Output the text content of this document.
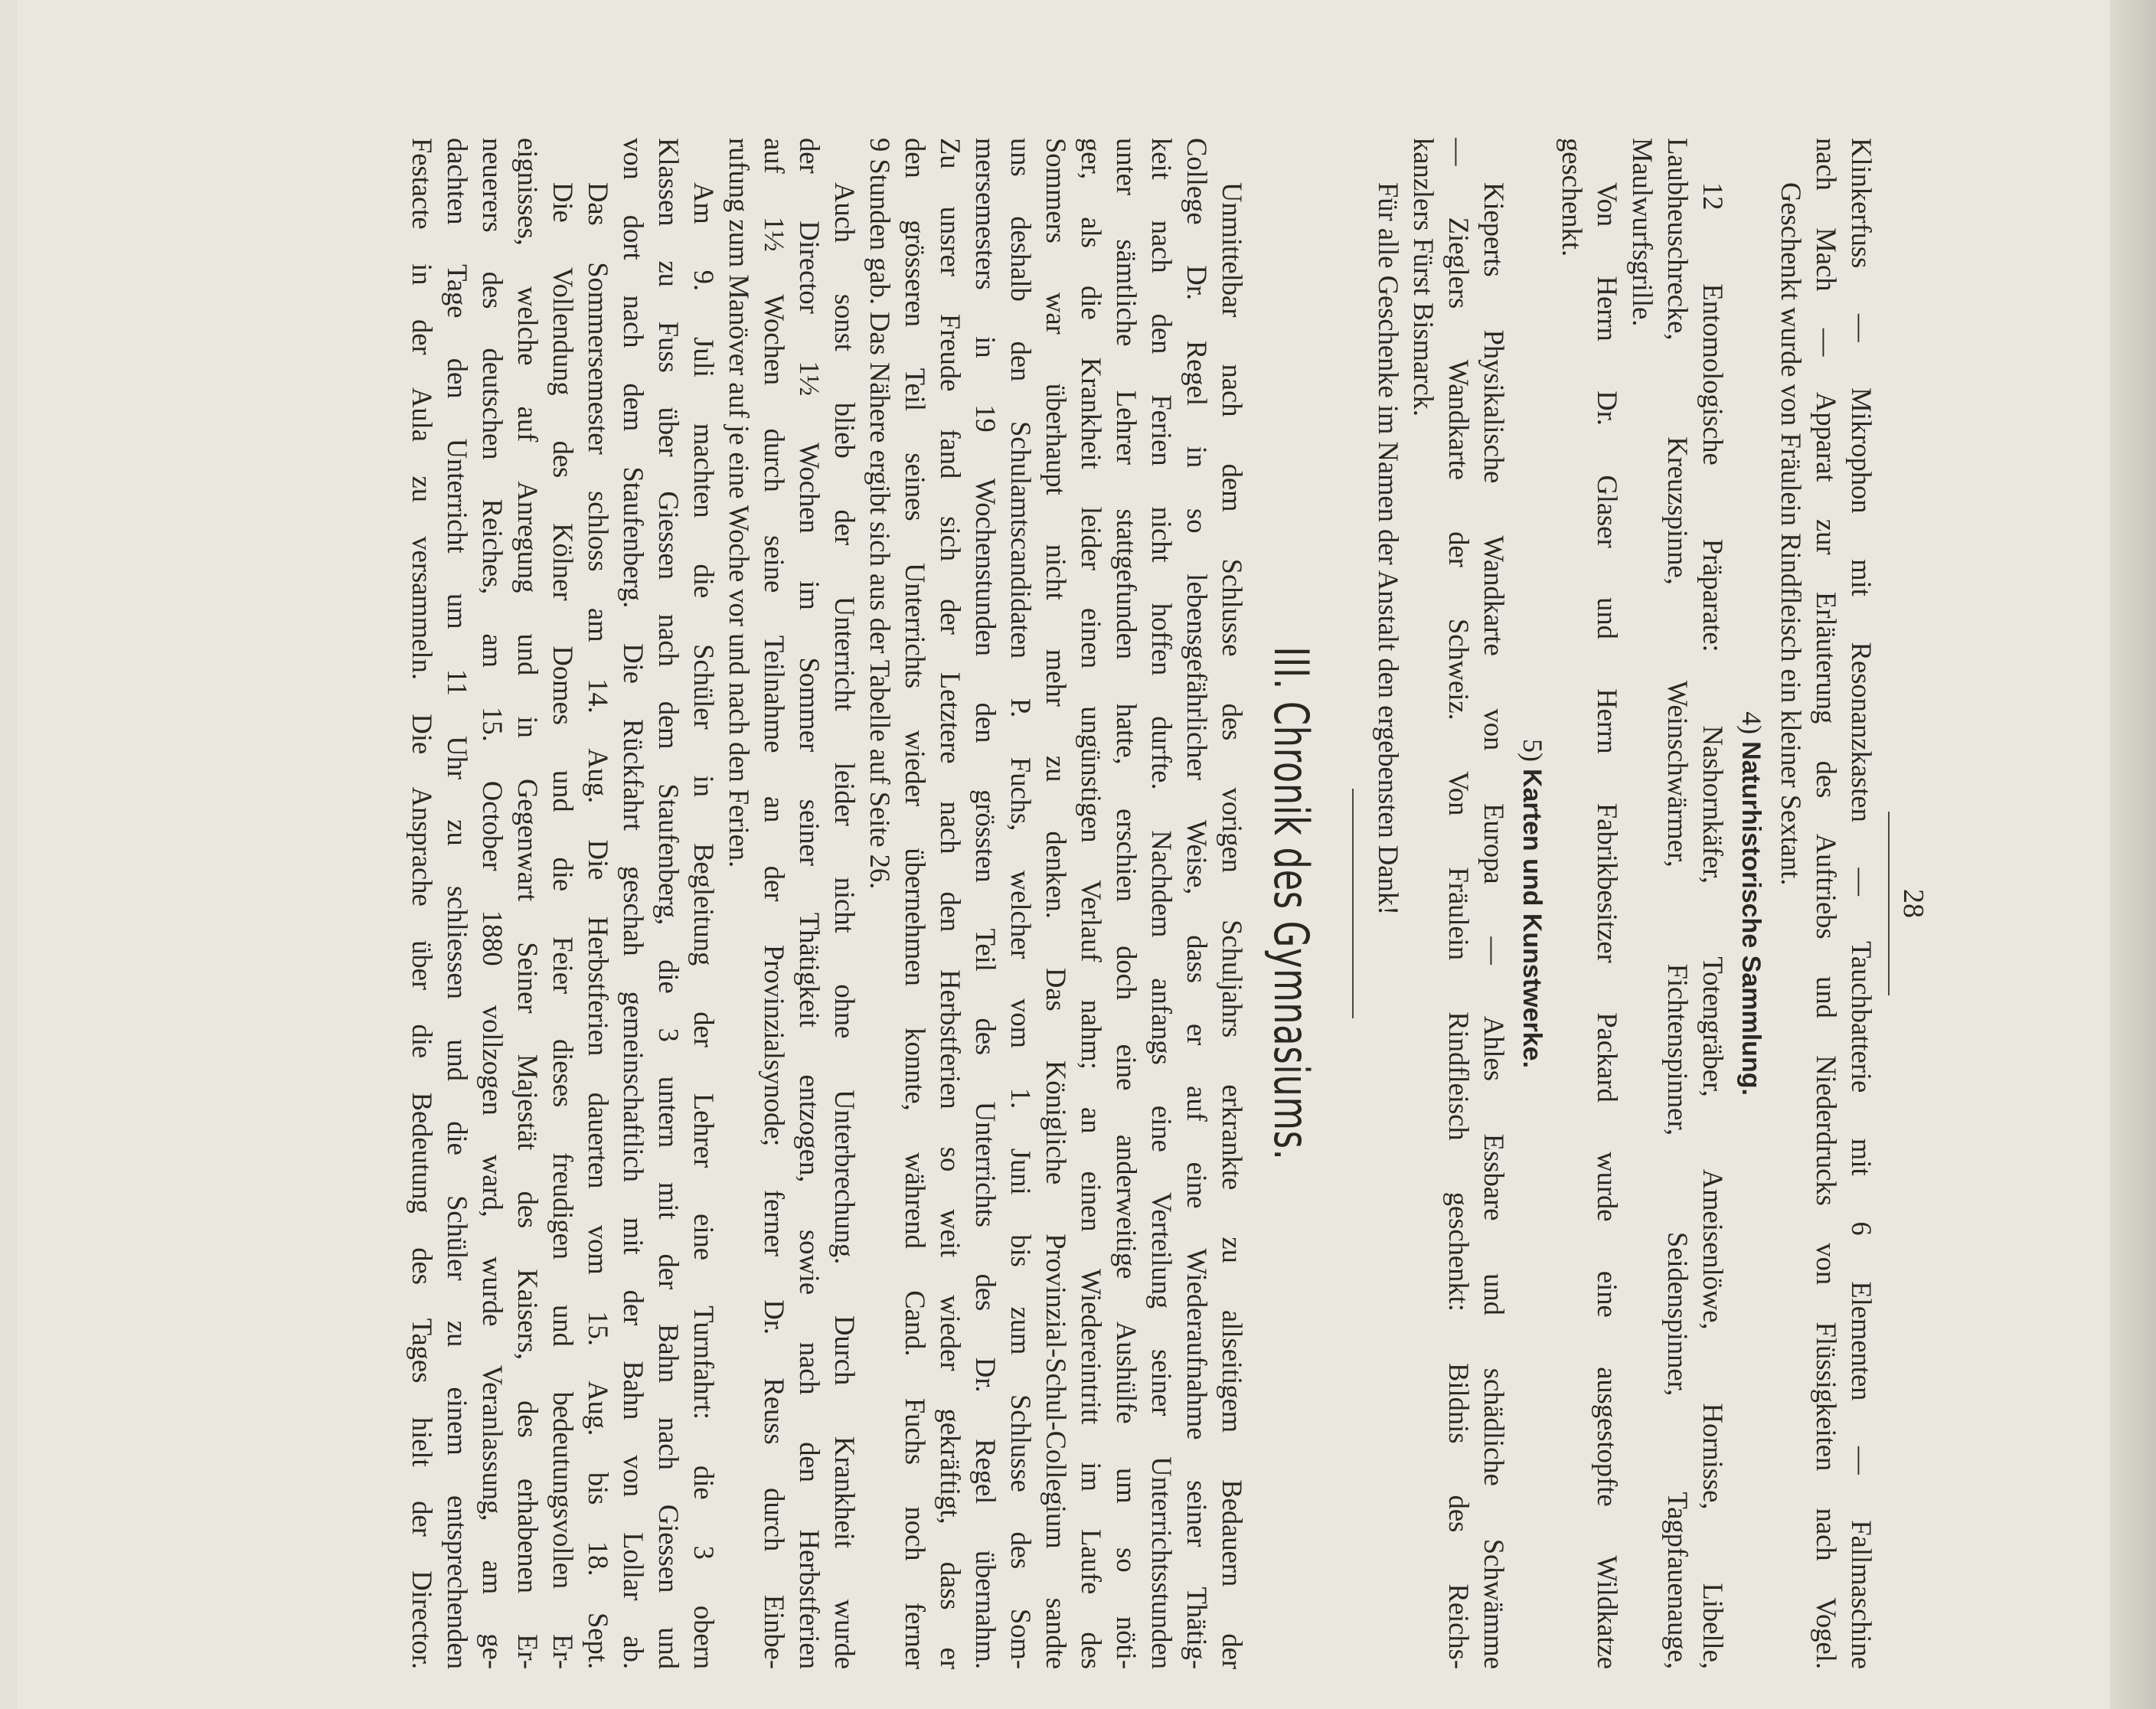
28
Klinkerfuss — Mikrophon mit Resonanzkasten — Tauchbatterie mit 6 Elementen — Fallmaschine
nach Mach — Apparat zur Erläuterung des Auftriebs und Niederdrucks von Flüssigkeiten nach Vogel.
Geschenkt wurde von Fräulein Rindfleisch ein kleiner Sextant.
4) Naturhistorische Sammlung.
12 Entomologische Präparate: Nashornkäfer, Totengräber, Ameisenlöwe, Hornisse, Libelle,
Laubheuschrecke, Kreuzspinne, Weinschwärmer, Fichtenspinner, Seidenspinner, Tagpfauenauge,
Maulwurfsgrille.
Von Herrn Dr. Glaser und Herrn Fabrikbesitzer Packard wurde eine ausgestopfte Wildkatze
geschenkt.
5) Karten und Kunstwerke.
Kieperts Physikalische Wandkarte von Europa — Ahles Essbare und schädliche Schwämme
— Zieglers Wandkarte der Schweiz. Von Fräulein Rindfleisch geschenkt: Bildnis des Reichs-
kanzlers Fürst Bismarck.
Für alle Geschenke im Namen der Anstalt den ergebensten Dank!
III. Chronik des Gymnasiums.
Unmittelbar nach dem Schlusse des vorigen Schuljahrs erkrankte zu allseitigem Bedauern der
College Dr. Regel in so lebensgefährlicher Weise, dass er auf eine Wiederaufnahme seiner Thätig-
keit nach den Ferien nicht hoffen durfte. Nachdem anfangs eine Verteilung seiner Unterrichtsstunden
unter sämtliche Lehrer stattgefunden hatte, erschien doch eine anderweitige Aushülfe um so nöti-
ger, als die Krankheit leider einen ungünstigen Verlauf nahm; an einen Wiedereintritt im Laufe des
Sommers war überhaupt nicht mehr zu denken. Das Königliche Provinzial-Schul-Collegium sandte
uns deshalb den Schulamtscandidaten P. Fuchs, welcher vom 1. Juni bis zum Schlusse des Som-
mersemesters in 19 Wochenstunden den grössten Teil des Unterrichts des Dr. Regel übernahm.
Zu unsrer Freude fand sich der Letztere nach den Herbstferien so weit wieder gekräftigt, dass er
den grösseren Teil seines Unterrichts wieder übernehmen konnte, während Cand. Fuchs noch ferner
9 Stunden gab. Das Nähere ergibt sich aus der Tabelle auf Seite 26.
Auch sonst blieb der Unterricht leider nicht ohne Unterbrechung. Durch Krankheit wurde
der Director 1½ Wochen im Sommer seiner Thätigkeit entzogen, sowie nach den Herbstferien
auf 1½ Wochen durch seine Teilnahme an der Provinzialsynode; ferner Dr. Reuss durch Einbe-
rufung zum Manöver auf je eine Woche vor und nach den Ferien.
Am 9. Juli machten die Schüler in Begleitung der Lehrer eine Turnfahrt: die 3 obern
Klassen zu Fuss über Giessen nach dem Staufenberg, die 3 untern mit der Bahn nach Giessen und
von dort nach dem Staufenberg. Die Rückfahrt geschah gemeinschaftlich mit der Bahn von Lollar ab.
Das Sommersemester schloss am 14. Aug. Die Herbstferien dauerten vom 15. Aug. bis 18. Sept.
Die Vollendung des Kölner Domes und die Feier dieses freudigen und bedeutungsvollen Er-
eignisses, welche auf Anregung und in Gegenwart Seiner Majestät des Kaisers, des erhabenen Er-
neuerers des deutschen Reiches, am 15. October 1880 vollzogen ward, wurde Veranlassung, am ge-
dachten Tage den Unterricht um 11 Uhr zu schliessen und die Schüler zu einem entsprechenden
Festacte in der Aula zu versammeln. Die Ansprache über die Bedeutung des Tages hielt der Director.
